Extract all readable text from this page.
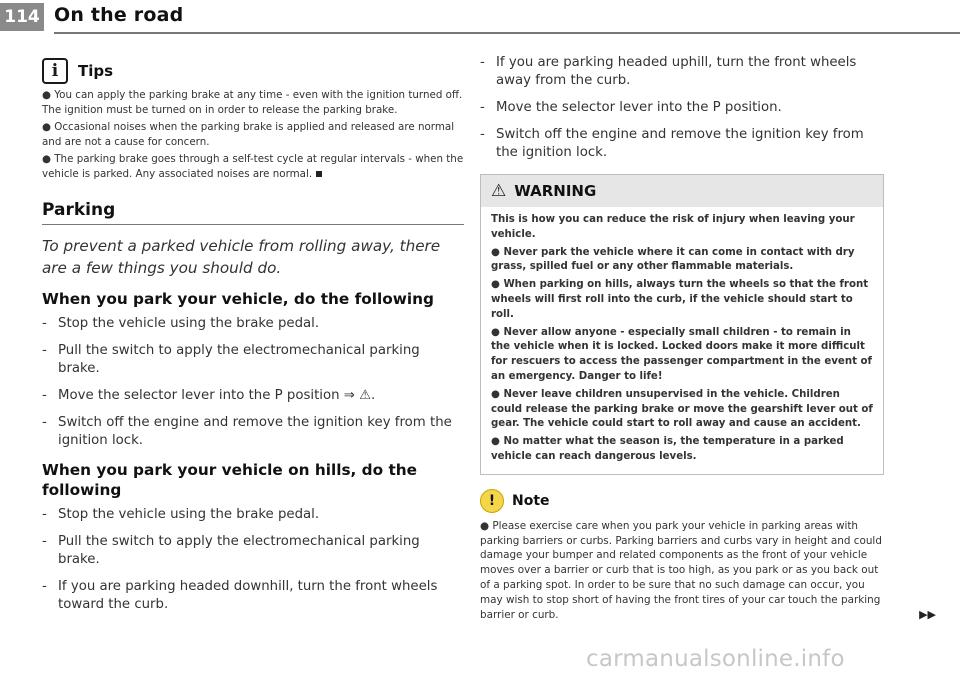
114 On the road
i	Tips

● You can apply the parking brake at any time - even with the ignition turned off. The ignition must be turned on in order to release the parking brake.

● Occasional noises when the parking brake is applied and released are normal and are not a cause for concern.

● The parking brake goes through a self-test cycle at regular intervals - when the vehicle is parked. Any associated noises are normal.

Parking
To prevent a parked vehicle from rolling away, there are a few things you should do.
When you park your vehicle, do the following
- Stop the vehicle using the brake pedal.
- Pull the switch to apply the electromechanical parking brake.
- Move the selector lever into the P position ⇒ ⚠.
- Switch off the engine and remove the ignition key from the ignition lock.
When you park your vehicle on hills, do the following
- Stop the vehicle using the brake pedal.
- Pull the switch to apply the electromechanical parking brake.
- If you are parking headed downhill, turn the front wheels toward the curb.
- If you are parking headed uphill, turn the front wheels away from the curb.
- Move the selector lever into the P position.
- Switch off the engine and remove the ignition key from the ignition lock.
⚠ WARNING

This is how you can reduce the risk of injury when leaving your vehicle.

● Never park the vehicle where it can come in contact with dry grass, spilled fuel or any other flammable materials.

● When parking on hills, always turn the wheels so that the front wheels will first roll into the curb, if the vehicle should start to roll.

● Never allow anyone - especially small children - to remain in the vehicle when it is locked. Locked doors make it more difficult for rescuers to access the passenger compartment in the event of an emergency. Danger to life!

● Never leave children unsupervised in the vehicle. Children could release the parking brake or move the gearshift lever out of gear. The vehicle could start to roll away and cause an accident.

● No matter what the season is, the temperature in a parked vehicle can reach dangerous levels.

!	Note
● Please exercise care when you park your vehicle in parking areas with parking barriers or curbs. Parking barriers and curbs vary in height and could damage your bumper and related components as the front of your vehicle moves over a barrier or curb that is too high, as you park or as you back out of a parking spot. In order to be sure that no such damage can occur, you may wish to stop short of having the front tires of your car touch the parking barrier or curb.	▶▶
carmanualsonline.info
